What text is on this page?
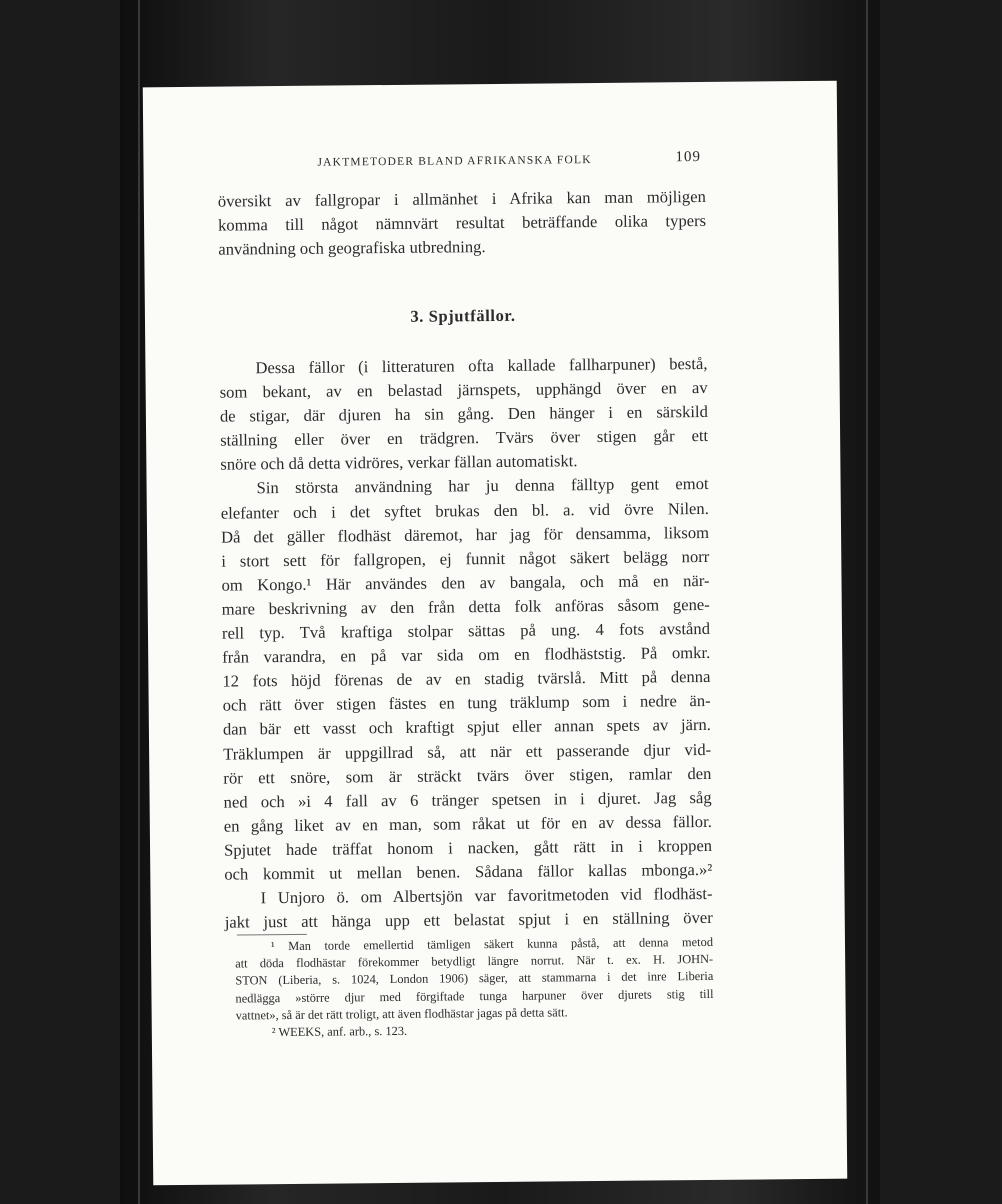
JAKTMETODER BLAND AFRIKANSKA FOLK	109
översikt av fallgropar i allmänhet i Afrika kan man möjligen
komma till något nämnvärt resultat beträffande olika typers
användning och geografiska utbredning.
3. Spjutfällor.
Dessa fällor (i litteraturen ofta kallade fallharpuner) bestå,
som bekant, av en belastad järnspets, upphängd över en av
de stigar, där djuren ha sin gång. Den hänger i en särskild
ställning eller över en trädgren. Tvärs över stigen går ett
snöre och då detta vidröres, verkar fällan automatiskt.
Sin största användning har ju denna fälltyp gent emot
elefanter och i det syftet brukas den bl. a. vid övre Nilen.
Då det gäller flodhäst däremot, har jag för densamma, liksom
i stort sett för fallgropen, ej funnit något säkert belägg norr
om Kongo.¹ Här användes den av bangala, och må en när-
mare beskrivning av den från detta folk anföras såsom gene-
rell typ. Två kraftiga stolpar sättas på ung. 4 fots avstånd
från varandra, en på var sida om en flodhäststig. På omkr.
12 fots höjd förenas de av en stadig tvärslå. Mitt på denna
och rätt över stigen fästes en tung träklump som i nedre än-
dan bär ett vasst och kraftigt spjut eller annan spets av järn.
Träklumpen är uppgillrad så, att när ett passerande djur vid-
rör ett snöre, som är sträckt tvärs över stigen, ramlar den
ned och »i 4 fall av 6 tränger spetsen in i djuret. Jag såg
en gång liket av en man, som råkat ut för en av dessa fällor.
Spjutet hade träffat honom i nacken, gått rätt in i kroppen
och kommit ut mellan benen. Sådana fällor kallas mbonga.»²
I Unjoro ö. om Albertsjön var favoritmetoden vid flodhäst-
jakt just att hänga upp ett belastat spjut i en ställning över
¹ Man torde emellertid tämligen säkert kunna påstå, att denna metod
att döda flodhästar förekommer betydligt längre norrut. När t. ex. H. JOHN-
STON (Liberia, s. 1024, London 1906) säger, att stammarna i det inre Liberia
nedlägga »större djur med förgiftade tunga harpuner över djurets stig till
vattnet», så är det rätt troligt, att även flodhästar jagas på detta sätt.
² WEEKS, anf. arb., s. 123.
